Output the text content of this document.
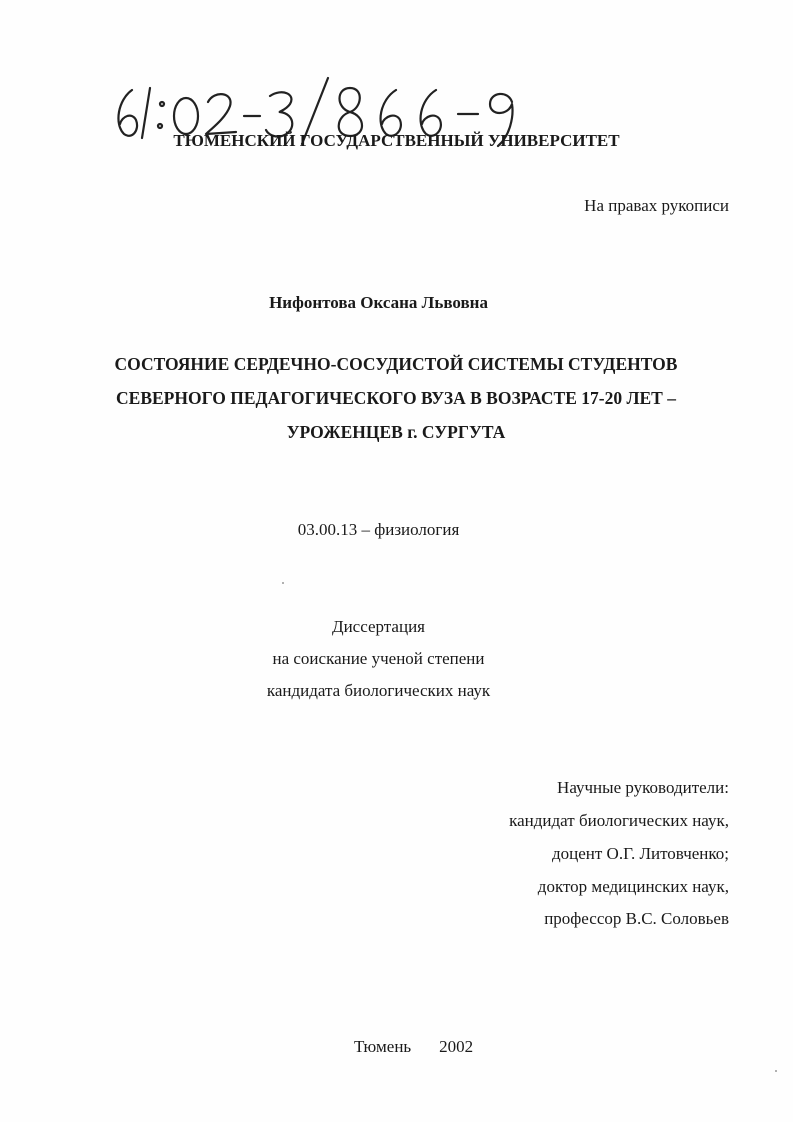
ТЮМЕНСКИЙ ГОСУДАРСТВЕННЫЙ УНИВЕРСИТЕТ
На правах рукописи
Нифонтова Оксана Львовна
СОСТОЯНИЕ СЕРДЕЧНО-СОСУДИСТОЙ СИСТЕМЫ СТУДЕНТОВ
СЕВЕРНОГО ПЕДАГОГИЧЕСКОГО ВУЗА В ВОЗРАСТЕ 17-20 ЛЕТ –
УРОЖЕНЦЕВ г. СУРГУТА
03.00.13 – физиология
Диссертация
на соискание ученой степени
кандидата биологических наук
Научные руководители:
кандидат биологических наук,
доцент О.Г. Литовченко;
доктор медицинских наук,
профессор В.С. Соловьев
Тюмень 2002
